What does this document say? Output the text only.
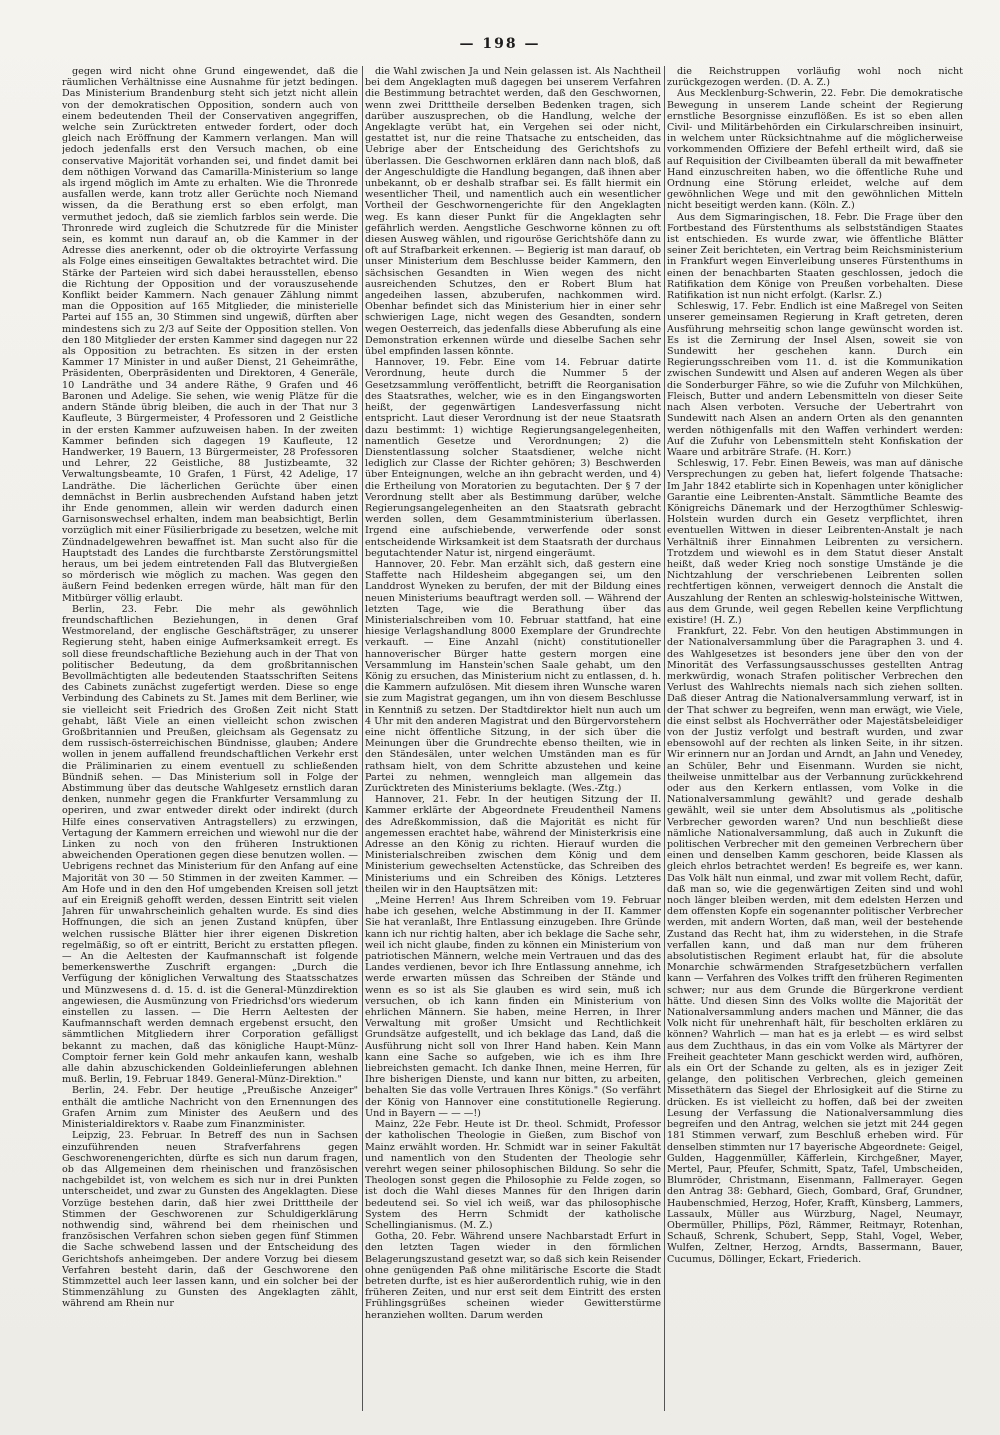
— 198 —

gegen wird nicht ohne Grund eingewendet, daß die räumlichen Verhältnisse eine Ausnahme für jetzt bedingen. Das Ministerium Brandenburg steht sich jetzt nicht allein von der demokratischen Opposition, sondern auch von einem bedeutenden Theil der Conservativen angegriffen, welche sein Zurücktreten entweder fordert, oder doch gleich nach Eröffnung der Kammern verlangen. Man will jedoch jedenfalls erst den Versuch machen, ob eine conservative Majorität vorhanden sei, und findet damit bei dem nöthigen Vorwand das Camarilla-Ministerium so lange als irgend möglich im Amte zu erhalten. Wie die Thronrede ausfallen werde, kann trotz aller Gerüchte noch Niemand wissen, da die Berathung erst so eben erfolgt, man vermuthet jedoch, daß sie ziemlich farblos sein werde. Die Thronrede wird zugleich die Schutzrede für die Minister sein, es kommt nun darauf an, ob die Kammer in der Adresse dies anerkennt, oder ob die oktroyirte Verfassung als Folge eines einseitigen Gewaltaktes betrachtet wird. Die Stärke der Parteien wird sich dabei herausstellen, ebenso die Richtung der Opposition und der vorauszusehende Konflikt beider Kammern. Nach genauer Zählung nimmt man die Opposition auf 165 Mitglieder, die ministerielle Partei auf 155 an, 30 Stimmen sind ungewiß, dürften aber mindestens sich zu 2/3 auf Seite der Opposition stellen. Von den 180 Mitglieder der ersten Kammer sind dagegen nur 22 als Opposition zu betrachten. Es sitzen in der ersten Kammer 17 Minister in und außer Dienst, 21 Geheimräthe, Präsidenten, Oberpräsidenten und Direktoren, 4 Generäle, 10 Landräthe und 34 andere Räthe, 9 Grafen und 46 Baronen und Adelige. Sie sehen, wie wenig Plätze für die andern Stände übrig bleiben, die auch in der That nur 3 Kaufleute, 3 Bürgermeister, 4 Professoren und 2 Geistliche in der ersten Kammer aufzuweisen haben. In der zweiten Kammer befinden sich dagegen 19 Kaufleute, 12 Handwerker, 19 Bauern, 13 Bürgermeister, 28 Professoren und Lehrer, 22 Geistliche, 88 Justizbeamte, 32 Verwaltungsbeamte, 10 Grafen, 1 Fürst, 42 Adelige, 17 Landräthe. Die lächerlichen Gerüchte über einen demnächst in Berlin ausbrechenden Aufstand haben jetzt ihr Ende genommen, allein wir werden dadurch einen Garnisonswechsel erhalten, indem man beabsichtigt, Berlin vorzüglich mit einer Füsilierbrigade zu besetzen, welche mit Zündnadelgewehren bewaffnet ist. Man sucht also für die Hauptstadt des Landes die furchtbarste Zerstörungsmittel heraus, um bei jedem eintretenden Fall das Blutvergießen so mörderisch wie möglich zu machen. Was gegen den äußern Feind bedenken erregen würde, hält man für den Mitbürger völlig erlaubt.

Berlin, 23. Febr. Die mehr als gewöhnlich freundschaftlichen Beziehungen, in denen Graf Westmoreland, der englische Geschäftsträger, zu unserer Regierung steht, haben einige Aufmerksamkeit erregt. Es soll diese freundschaftliche Beziehung auch in der That von politischer Bedeutung, da dem großbritannischen Bevollmächtigten alle bedeutenden Staatsschriften Seitens des Cabinets zunächst zugefertigt werden. Diese so enge Verbindung des Cabinets zu St. James mit dem Berliner, wie sie vielleicht seit Friedrich des Großen Zeit nicht Statt gehabt, läßt Viele an einen vielleicht schon zwischen Großbritannien und Preußen, gleichsam als Gegensatz zu dem russisch-österreichischen Bündnisse, glauben; Andere wollen in jenem auffallend freundschaftlichen Verkehr erst die Präliminarien zu einem eventuell zu schließenden Bündniß sehen. — Das Ministerium soll in Folge der Abstimmung über das deutsche Wahlgesetz ernstlich daran denken, nunmehr gegen die Frankfurter Versammlung zu operiren, und zwar entweder direkt oder indirekt (durch Hilfe eines conservativen Antragstellers) zu erzwingen, Vertagung der Kammern erreichen und wiewohl nur die der Linken zu noch von den früheren Instruktionen abweichenden Operationen gegen diese benutzen wollen. — Uebrigens rechnet das Ministerium für den Anfang auf eine Majorität von 30 — 50 Stimmen in der zweiten Kammer. — Am Hofe und in den den Hof umgebenden Kreisen soll jetzt auf ein Ereigniß gehofft werden, dessen Eintritt seit vielen Jahren für unwahrscheinlich gehalten wurde. Es sind dies Hoffnungen, die sich an jenen Zustand knüpfen, über welchen russische Blätter hier ihrer eigenen Diskretion regelmäßig, so oft er eintritt, Bericht zu erstatten pflegen. — An die Aeltesten der Kaufmannschaft ist folgende bemerkenswerthe Zuschrift ergangen: „Durch die Verfügung der königlichen Verwaltung des Staatsschatzes und Münzwesens d. d. 15. d. ist die General-Münzdirektion angewiesen, die Ausmünzung von Friedrichsd'ors wiederum einstellen zu lassen. — Die Herrn Aeltesten der Kaufmannschaft werden demnach ergebenst ersucht, den sämmtlichen Mitgliedern ihrer Corporation gefälligst bekannt zu machen, daß das königliche Haupt-Münz-Comptoir ferner kein Gold mehr ankaufen kann, weshalb alle dahin abzuschickenden Goldeinlieferungen ablehnen muß. Berlin, 19. Februar 1849. General-Münz-Direktion."

Berlin, 24. Febr. Der heutige „Preußische Anzeiger" enthält die amtliche Nachricht von den Ernennungen des Grafen Arnim zum Minister des Aeußern und des Ministerialdirektors v. Raabe zum Finanzminister.

Leipzig, 23. Februar. In Betreff des nun in Sachsen einzuführenden neuen Strafverfahrens gegen Geschworenengerichten, dürfte es sich nun darum fragen, ob das Allgemeinen dem rheinischen und französischen nachgebildet ist, von welchem es sich nur in drei Punkten unterscheidet, und zwar zu Gunsten des Angeklagten. Diese Vorzüge bestehen darin, daß hier zwei Dritttheile der Stimmen der Geschworenen zur Schuldigerklärung nothwendig sind, während bei dem rheinischen und französischen Verfahren schon sieben gegen fünf Stimmen die Sache schwebend lassen und der Entscheidung des Gerichtshofs anheimgeben. Der andere Vorzug bei diesem Verfahren besteht darin, daß der Geschworene den Stimmzettel auch leer lassen kann, und ein solcher bei der Stimmenzählung zu Gunsten des Angeklagten zählt, während am Rhein nur

die Wahl zwischen Ja und Nein gelassen ist. Als Nachtheil bei dem Angeklagten muß dagegen bei unserem Verfahren die Bestimmung betrachtet werden, daß den Geschwornen, wenn zwei Dritttheile derselben Bedenken tragen, sich darüber auszusprechen, ob die Handlung, welche der Angeklagte verübt hat, ein Vergehen sei oder nicht, gestattet ist, nur die reine Thatsache zu entscheiden, das Uebrige aber der Entscheidung des Gerichtshofs zu überlassen. Die Geschwornen erklären dann nach bloß, daß der Angeschuldigte die Handlung begangen, daß ihnen aber unbekannt, ob er deshalb strafbar sei. Es fällt hiermit ein wesentlicher Theil, und namentlich auch ein wesentlicher Vortheil der Geschwornengerichte für den Angeklagten weg. Es kann dieser Punkt für die Angeklagten sehr gefährlich werden. Aengstliche Geschworne können zu oft diesen Ausweg wählen, und rigouröse Gerichtshöfe dann zu oft auf Strafbarkeit erkennen. — Begierig ist man darauf, ob unser Ministerium dem Beschlusse beider Kammern, den sächsischen Gesandten in Wien wegen des nicht ausreichenden Schutzes, den er Robert Blum hat angedeihen lassen, abzuberufen, nachkommen wird. Obenhar befindet sich das Ministerium hier in einer sehr schwierigen Lage, nicht wegen des Gesandten, sondern wegen Oesterreich, das jedenfalls diese Abberufung als eine Demonstration erkennen würde und dieselbe Sachen sehr übel empfinden lassen könnte.

Hannover, 19. Febr. Eine vom 14. Februar datirte Verordnung, heute durch die Nummer 5 der Gesetzsammlung veröffentlicht, betrifft die Reorganisation des Staatsrathes, welcher, wie es in den Eingangsworten heißt, der gegenwärtigen Landesverfassung nicht entspricht. Laut dieser Verordnung ist der neue Staatsrath dazu bestimmt: 1) wichtige Regierungsangelegenheiten, namentlich Gesetze und Verordnungen; 2) die Dienstentlassung solcher Staatsdiener, welche nicht lediglich zur Classe der Richter gehören; 3) Beschwerden über Enteignungen, welche an ihn gebracht werden, und 4) die Ertheilung von Moratorien zu begutachten. Der § 7 der Verordnung stellt aber als Bestimmung darüber, welche Regierungsangelegenheiten an den Staatsrath gebracht werden sollen, dem Gesammtministerium überlassen. Irgend eine aufschiebende, verwerfende oder sonst entscheidende Wirksamkeit ist dem Staatsrath der durchaus begutachtender Natur ist, nirgend eingeräumt.

Hannover, 20. Febr. Man erzählt sich, daß gestern eine Staffette nach Hildesheim abgegangen sei, um den Landdrost Wyneken zu berufen, der mit der Bildung eines neuen Ministeriums beauftragt werden soll. — Während der letzten Tage, wie die Berathung über das Ministerialschreiben vom 10. Februar stattfand, hat eine hiesige Verlagshandlung 8000 Exemplare der Grundrechte verkauft. — Eine Anzahl (nicht) constitutioneller hannoverischer Bürger hatte gestern morgen eine Versammlung im Hanstein'schen Saale gehabt, um den König zu ersuchen, das Ministerium nicht zu entlassen, d. h. die Kammern aufzulösen. Mit diesem ihren Wunsche waren sie zum Magistrat gegangen, um ihn von diesem Beschlusse in Kenntniß zu setzen. Der Stadtdirektor hielt nun auch um 4 Uhr mit den anderen Magistrat und den Bürgervorstehern eine nicht öffentliche Sitzung, in der sich über die Meinungen über die Grundrechte ebenso theilten, wie in den Ständesälen, unter welchen Umständen man es für rathsam hielt, von dem Schritte abzustehen und keine Partei zu nehmen, wenngleich man allgemein das Zurücktreten des Ministeriums beklagte. (Wes.-Ztg.)

Hannover, 21. Febr. In der heutigen Sitzung der II. Kammer erklärte der Abgeordnete Freudentheil Namens des Adreßkommission, daß die Majorität es nicht für angemessen erachtet habe, während der Ministerkrisis eine Adresse an den König zu richten. Hierauf wurden die Ministerialschreiben zwischen dem König und dem Ministerium gewechselten Actenstücke, das Schreiben des Ministeriums und ein Schreiben des Königs. Letzteres theilen wir in den Hauptsätzen mit:

„Meine Herren! Aus Ihrem Schreiben vom 19. Februar habe ich gesehen, welche Abstimmung in der II. Kammer Sie hat veranlaßt, Ihre Entlassung einzugeben. Ihre Gründe kann ich nur richtig halten, aber ich beklage die Sache sehr, weil ich nicht glaube, finden zu können ein Ministerium von patriotischen Männern, welche mein Vertrauen und das des Landes verdienen, bevor ich Ihre Entlassung annehme, ich werde erwarten müssen das Schreiben der Stände und wenn es so ist als Sie glauben es wird sein, muß ich versuchen, ob ich kann finden ein Ministerium von ehrlichen Männern. Sie haben, meine Herren, in Ihrer Verwaltung mit großer Umsicht und Rechtlichkeit Grundsätze aufgestellt, und ich beklage das Land, daß die Ausführung nicht soll von Ihrer Hand haben. Kein Mann kann eine Sache so aufgeben, wie ich es ihm Ihre liebreichsten gemacht. Ich danke Ihnen, meine Herren, für Ihre bisherigen Dienste, und kann nur bitten, zu arbeiten, behalten Sie das volle Vertrauen Ihres Königs." (So verfährt der König von Hannover eine constitutionelle Regierung. Und in Bayern — — —!)

Mainz, 22e Febr. Heute ist Dr. theol. Schmidt, Professor der katholischen Theologie in Gießen, zum Bischof von Mainz erwählt worden. Hr. Schmidt war in seiner Fakultät und namentlich von den Studenten der Theologie sehr verehrt wegen seiner philosophischen Bildung. So sehr die Theologen sonst gegen die Philosophie zu Felde zogen, so ist doch die Wahl dieses Mannes für den Ihrigen darin bedeutend sei. So viel ich weiß, war das philosophische System des Herrn Schmidt der katholische Schellingianismus. (M. Z.)

Gotha, 20. Febr. Während unsere Nachbarstadt Erfurt in den letzten Tagen wieder in den förmlichen Belagerungszustand gesetzt war, so daß sich kein Reisender ohne genügenden Paß ohne militärische Escorte die Stadt betreten durfte, ist es hier außerordentlich ruhig, wie in den früheren Zeiten, und nur erst seit dem Eintritt des ersten Frühlingsgrüßes scheinen wieder Gewitterstürme heranziehen wollten. Darum werden

die Reichstruppen vorläufig wohl noch nicht zurückgezogen werden. (D. A. Z.)

Aus Mecklenburg-Schwerin, 22. Febr. Die demokratische Bewegung in unserem Lande scheint der Regierung ernstliche Besorgnisse einzuflößen. Es ist so eben allen Civil- und Militärbehörden ein Cirkularschreiben insinuirt, in welchem unter Rücksichtnahme auf die möglicherweise vorkommenden Offiziere der Befehl ertheilt wird, daß sie auf Requisition der Civilbeamten überall da mit bewaffneter Hand einzuschreiten haben, wo die öffentliche Ruhe und Ordnung eine Störung erleidet, welche auf dem gewöhnlichen Wege und mit den gewöhnlichen Mitteln nicht beseitigt werden kann. (Köln. Z.)

Aus dem Sigmaringischen, 18. Febr. Die Frage über den Fortbestand des Fürstenthums als selbstständigen Staates ist entschieden. Es wurde zwar, wie öffentliche Blätter seiner Zeit berichteten, ein Vertrag beim Reichsministerium in Frankfurt wegen Einverleibung unseres Fürstenthums in einen der benachbarten Staaten geschlossen, jedoch die Ratifikation dem Könige von Preußen vorbehalten. Diese Ratifikation ist nun nicht erfolgt. (Karlsr. Z.)

Schleswig, 17. Febr. Endlich ist eine Maßregel von Seiten unserer gemeinsamen Regierung in Kraft getreten, deren Ausführung mehrseitig schon lange gewünscht worden ist. Es ist die Zernirung der Insel Alsen, soweit sie von Sundewitt her geschehen kann. Durch ein Regierungsschreiben vom 11. d. ist die Kommunikation zwischen Sundewitt und Alsen auf anderen Wegen als über die Sonderburger Fähre, so wie die Zufuhr von Milchkühen, Fleisch, Butter und andern Lebensmitteln von dieser Seite nach Alsen verboten. Versuche der Uebertrahrt von Sundewitt nach Alsen an andern Orten als den genannten werden nöthigenfalls mit den Waffen verhindert werden: Auf die Zufuhr von Lebensmitteln steht Konfiskation der Waare und arbiträre Strafe. (H. Korr.)

Schleswig, 17. Febr. Einen Beweis, was man auf dänische Versprechungen zu geben hat, liefert folgende Thatsache: Im Jahr 1842 etablirte sich in Kopenhagen unter königlicher Garantie eine Leibrenten-Anstalt. Sämmtliche Beamte des Königreichs Dänemark und der Herzogthümer Schleswig-Holstein wurden durch ein Gesetz verpflichtet, ihren eventuellen Wittwen in dieser Leibrenten-Anstalt je nach Verhältniß ihrer Einnahmen Leibrenten zu versichern. Trotzdem und wiewohl es in dem Statut dieser Anstalt heißt, daß weder Krieg noch sonstige Umstände je die Nichtzahlung der verschriebenen Leibrenten sollen rechtfertigen können, verweigert dennoch die Anstalt die Auszahlung der Renten an schleswig-holsteinische Wittwen, aus dem Grunde, weil gegen Rebellen keine Verpflichtung existire! (H. Z.)

Frankfurt, 22. Febr. Von den heutigen Abstimmungen in der Nationalversammlung über die Paragraphen 3. und 4. des Wahlgesetzes ist besonders jene über den von der Minorität des Verfassungsausschusses gestellten Antrag merkwürdig, wonach Strafen politischer Verbrechen den Verlust des Wahlrechts niemals nach sich ziehen sollten. Daß dieser Antrag die Nationalversammlung verwarf, ist in der That schwer zu begreifen, wenn man erwägt, wie Viele, die einst selbst als Hochverräther oder Majestätsbeleidiger von der Justiz verfolgt und bestraft wurden, und zwar ebensowohl auf der rechten als linken Seite, in ihr sitzen. Wir erinnern nur an Jordan und Arndt, an Jahn und Venedey, an Schüler, Behr und Eisenmann. Wurden sie nicht, theilweise unmittelbar aus der Verbannung zurückkehrend oder aus den Kerkern entlassen, vom Volke in die Nationalversammlung gewählt? und gerade deshalb gewählt, weil sie unter dem Absolutismus als „politische Verbrecher geworden waren? Und nun beschließt diese nämliche Nationalversammlung, daß auch in Zukunft die politischen Verbrecher mit den gemeinen Verbrechern über einen und denselben Kamm geschoren, beide Klassen als gleich ehrlos betrachtet werden! Es begreife es, wer kann. Das Volk hält nun einmal, und zwar mit vollem Recht, dafür, daß man so, wie die gegenwärtigen Zeiten sind und wohl noch länger bleiben werden, mit dem edelsten Herzen und dem offensten Kopfe ein sogenannter politischer Verbrecher werden, mit andern Worten, daß man, weil der bestehende Zustand das Recht hat, ihm zu widerstehen, in die Strafe verfallen kann, und daß man nur dem früheren absolutistischen Regiment erlaubt hat, für die absolute Monarchie schwärmenden Strafgesetzbüchern verfallen kann — Verfahren des Volkes trifft den früheren Regimenten schwer; nur aus dem Grunde die Bürgerkrone verdient hätte. Und diesen Sinn des Volks wollte die Majorität der Nationalversammlung anders machen und Männer, die das Volk nicht für unehrenhaft hält, für bescholten erklären zu können? Wahrlich — man hat es ja erlebt — es wird selbst aus dem Zuchthaus, in das ein vom Volke als Märtyrer der Freiheit geachteter Mann geschickt werden wird, aufhören, als ein Ort der Schande zu gelten, als es in jeziger Zeit gelange, den politischen Verbrechen, gleich gemeinen Missethätern das Siegel der Ehrlosigkeit auf die Stirne zu drücken. Es ist vielleicht zu hoffen, daß bei der zweiten Lesung der Verfassung die Nationalversammlung dies begreifen und den Antrag, welchen sie jetzt mit 244 gegen 181 Stimmen verwarf, zum Beschluß erheben wird. Für denselben stimmten nur 17 bayerische Abgeordnete: Geigel, Gulden, Haggenmüller, Käfferlein, Kirchgeßner, Mayer, Mertel, Paur, Pfeufer, Schmitt, Spatz, Tafel, Umbscheiden, Blumröder, Christmann, Eisenmann, Fallmerayer. Gegen den Antrag 38: Gebhard, Giech, Gombard, Graf, Grundner, Haubenschmied, Herzog, Hofer, Krafft, Künsberg, Lammers, Lassaulx, Müller aus Würzburg, Nagel, Neumayr, Obermüller, Phillips, Pözl, Rämmer, Reitmayr, Rotenhan, Schauß, Schrenk, Schubert, Sepp, Stahl, Vogel, Weber, Wulfen, Zeltner, Herzog, Arndts, Bassermann, Bauer, Cucumus, Döllinger, Eckart, Friederich.
